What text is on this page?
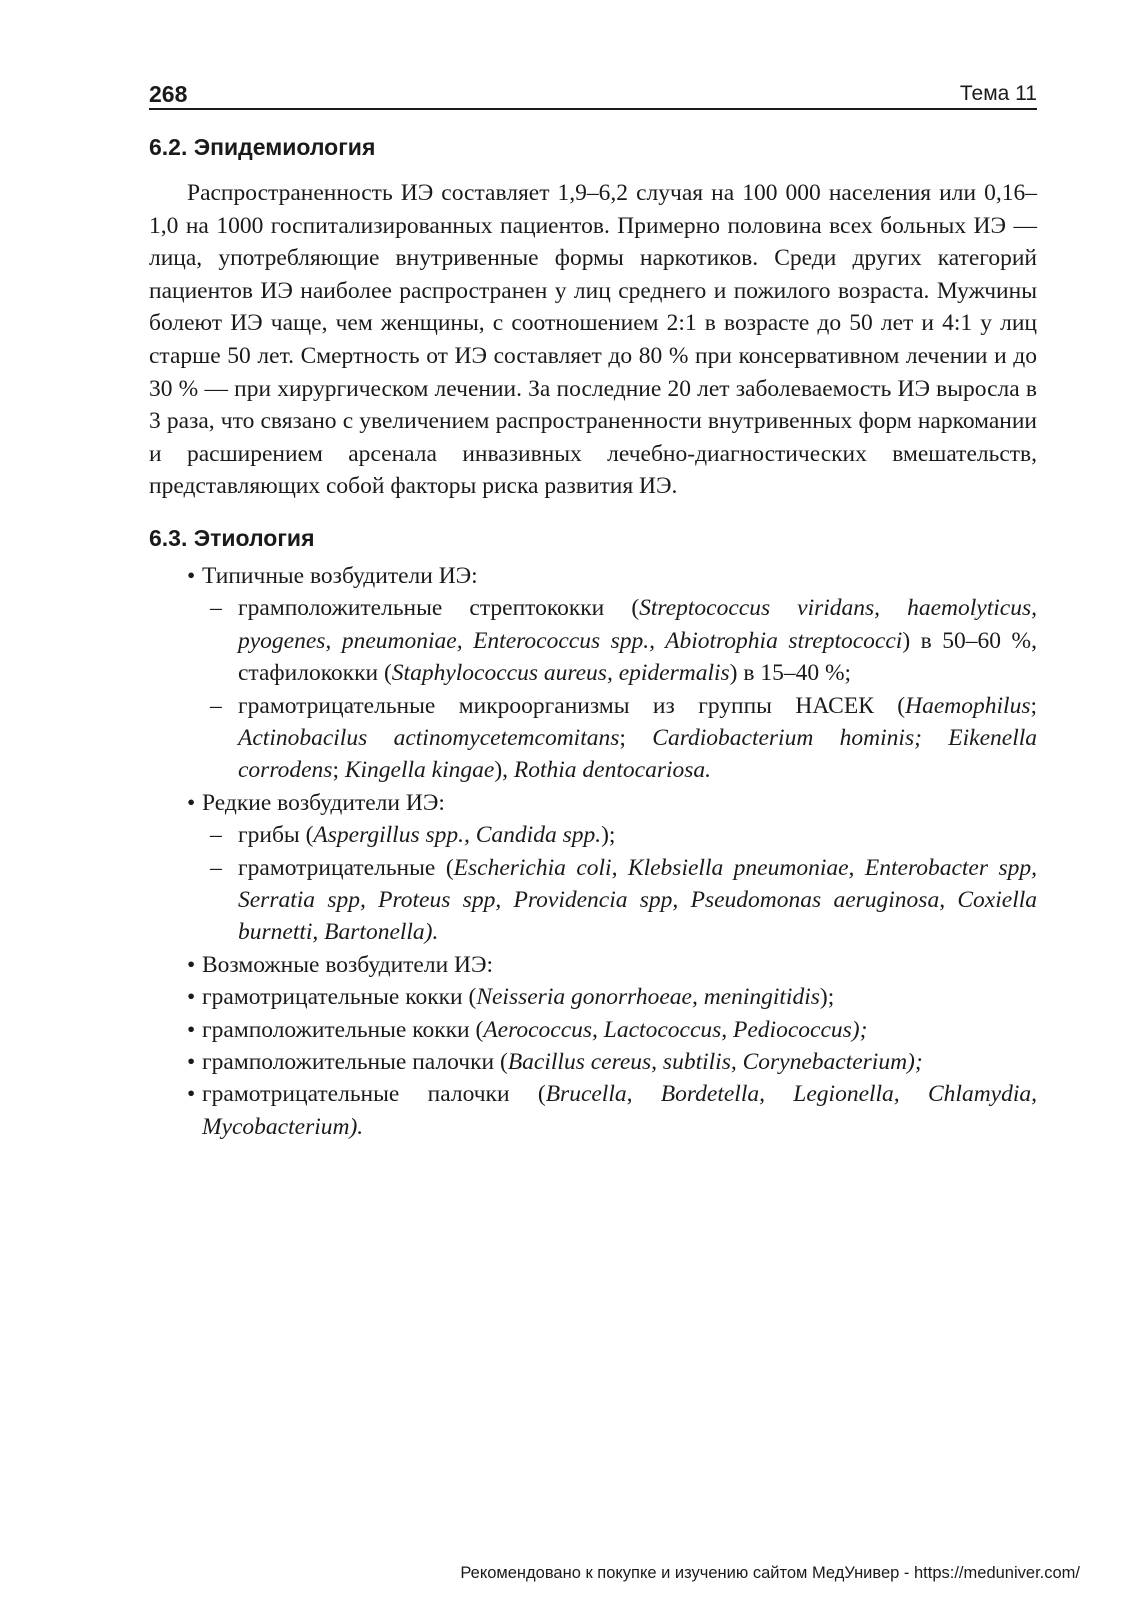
268	Тема 11
6.2. Эпидемиология

Распространенность ИЭ составляет 1,9–6,2 случая на 100 000 населения или 0,16–1,0 на 1000 госпитализированных пациентов. Примерно половина всех больных ИЭ — лица, употребляющие внутривенные формы наркотиков. Среди других категорий пациентов ИЭ наиболее распространен у лиц среднего и пожилого возраста. Мужчины болеют ИЭ чаще, чем женщины, с соотношением 2:1 в возрасте до 50 лет и 4:1 у лиц старше 50 лет. Смертность от ИЭ составляет до 80 % при консервативном лечении и до 30 % — при хирургическом лечении. За последние 20 лет заболеваемость ИЭ выросла в 3 раза, что связано с увеличением распространенности внутривенных форм наркомании и расширением арсенала инвазивных лечебно-диагностических вмешательств, представляющих собой факторы риска развития ИЭ.

6.3. Этиология
• Типичные возбудители ИЭ:
– грамположительные стрептококки (Streptococcus viridans, haemolyticus, pyogenes, pneumoniae, Enterococcus spp., Abiotrophia streptococci) в 50–60 %, стафилококки (Staphylococcus aureus, epidermalis) в 15–40 %;
– грамотрицательные микроорганизмы из группы НАСЕК (Haemophilus; Actinobacilus actinomycetemcomitans; Cardiobacterium hominis; Eikenella corrodens; Kingella kingae), Rothia dentocariosa.
• Редкие возбудители ИЭ:
– грибы (Aspergillus spp., Candida spp.);
– грамотрицательные (Escherichia coli, Klebsiella pneumoniae, Enterobacter spp, Serratia spp, Proteus spp, Providencia spp, Pseudomonas aeruginosa, Coxiella burnetti, Bartonella).
• Возможные возбудители ИЭ:
• грамотрицательные кокки (Neisseria gonorrhoeae, meningitidis);
• грамположительные кокки (Aerococcus, Lactococcus, Pediococcus);
• грамположительные палочки (Bacillus cereus, subtilis, Corynebacterium);
• грамотрицательные палочки (Brucella, Bordetella, Legionella, Chlamydia, Mycobacterium).
Рекомендовано к покупке и изучению сайтом МедУнивер - https://meduniver.com/
